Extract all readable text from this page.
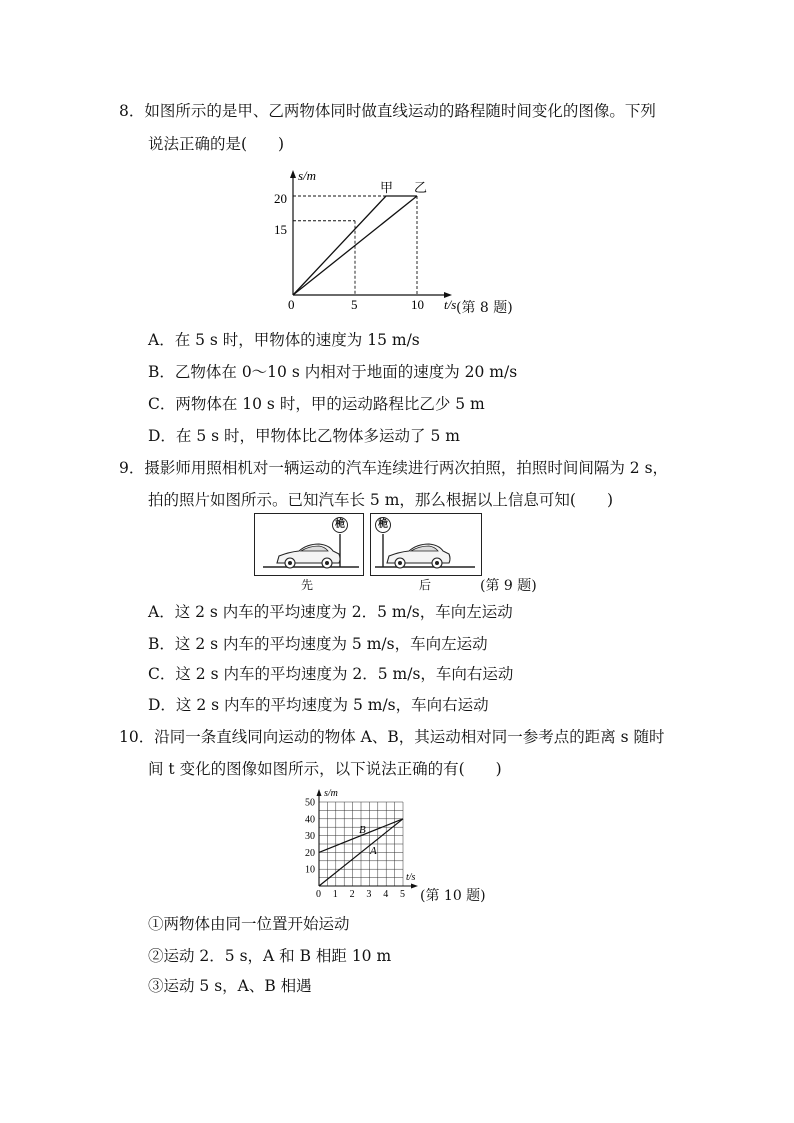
8．如图所示的是甲、乙两物体同时做直线运动的路程随时间变化的图像。下列
说法正确的是(　　)
s/m
t/s
0	5	10
20
15
甲 乙
(第 8 题)
A．在 5 s 时，甲物体的速度为 15 m/s
B．乙物体在 0～10 s 内相对于地面的速度为 20 m/s
C．两物体在 10 s 时，甲的运动路程比乙少 5 m
D．在 5 s 时，甲物体比乙物体多运动了 5 m
9．摄影师用照相机对一辆运动的汽车连续进行两次拍照，拍照时间间隔为 2 s，
拍的照片如图所示。已知汽车长 5 m，那么根据以上信息可知(　　)
桅	桅
先	后	(第 9 题)
A．这 2 s 内车的平均速度为 2．5 m/s，车向左运动
B．这 2 s 内车的平均速度为 5 m/s，车向左运动
C．这 2 s 内车的平均速度为 2．5 m/s，车向右运动
D．这 2 s 内车的平均速度为 5 m/s，车向右运动
10．沿同一条直线同向运动的物体 A、B，其运动相对同一参考点的距离 s 随时
间 t 变化的图像如图所示，以下说法正确的有(　　)
s/m
t/s
0 1 2 3 4 5
10
20
30
40
50
B
A
(第 10 题)
①两物体由同一位置开始运动
②运动 2．5 s，A 和 B 相距 10 m
③运动 5 s，A、B 相遇
